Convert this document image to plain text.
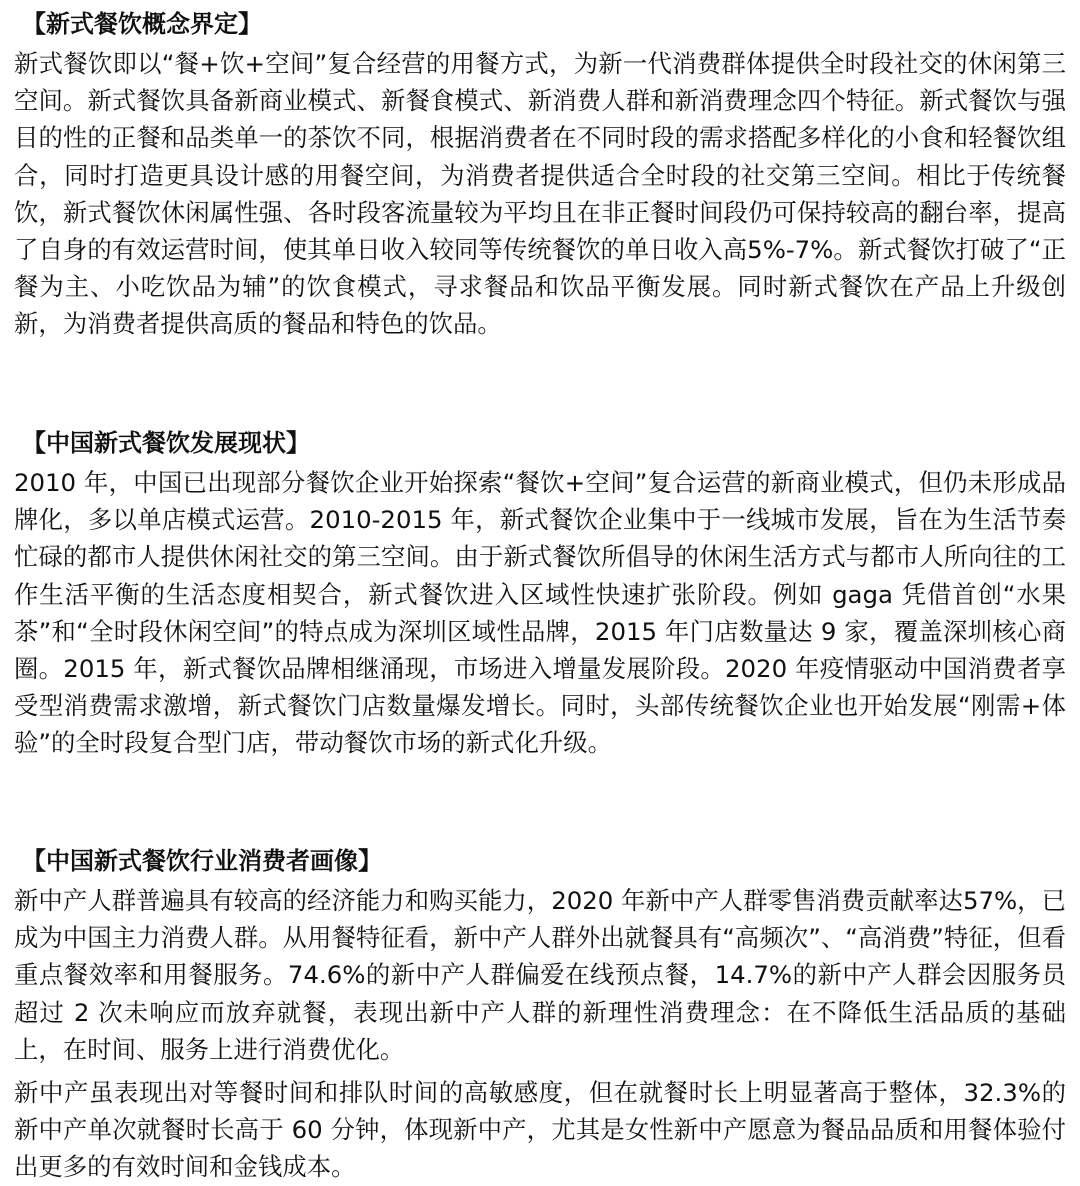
【新式餐饮概念界定】

新式餐饮即以“餐+饮+空间”复合经营的用餐方式，为新一代消费群体提供全时段社交的休闲第三空间。新式餐饮具备新商业模式、新餐食模式、新消费人群和新消费理念四个特征。新式餐饮与强目的性的正餐和品类单一的茶饮不同，根据消费者在不同时段的需求搭配多样化的小食和轻餐饮组合，同时打造更具设计感的用餐空间，为消费者提供适合全时段的社交第三空间。相比于传统餐饮，新式餐饮休闲属性强、各时段客流量较为平均且在非正餐时间段仍可保持较高的翻台率，提高了自身的有效运营时间，使其单日收入较同等传统餐饮的单日收入高5%-7%。新式餐饮打破了“正餐为主、小吃饮品为辅”的饮食模式，寻求餐品和饮品平衡发展。同时新式餐饮在产品上升级创新，为消费者提供高质的餐品和特色的饮品。

【中国新式餐饮发展现状】

2010 年，中国已出现部分餐饮企业开始探索“餐饮+空间”复合运营的新商业模式，但仍未形成品牌化，多以单店模式运营。2010-2015 年，新式餐饮企业集中于一线城市发展，旨在为生活节奏忙碌的都市人提供休闲社交的第三空间。由于新式餐饮所倡导的休闲生活方式与都市人所向往的工作生活平衡的生活态度相契合，新式餐饮进入区域性快速扩张阶段。例如 gaga 凭借首创“水果茶”和“全时段休闲空间”的特点成为深圳区域性品牌，2015 年门店数量达 9 家，覆盖深圳核心商圈。2015 年，新式餐饮品牌相继涌现，市场进入增量发展阶段。2020 年疫情驱动中国消费者享受型消费需求激增，新式餐饮门店数量爆发增长。同时，头部传统餐饮企业也开始发展“刚需+体验”的全时段复合型门店，带动餐饮市场的新式化升级。

【中国新式餐饮行业消费者画像】

新中产人群普遍具有较高的经济能力和购买能力，2020 年新中产人群零售消费贡献率达57%，已成为中国主力消费人群。从用餐特征看，新中产人群外出就餐具有“高频次”、“高消费”特征，但看重点餐效率和用餐服务。74.6%的新中产人群偏爱在线预点餐，14.7%的新中产人群会因服务员超过 2 次未响应而放弃就餐，表现出新中产人群的新理性消费理念：在不降低生活品质的基础上，在时间、服务上进行消费优化。

新中产虽表现出对等餐时间和排队时间的高敏感度，但在就餐时长上明显著高于整体，32.3%的新中产单次就餐时长高于 60 分钟，体现新中产，尤其是女性新中产愿意为餐品品质和用餐体验付出更多的有效时间和金钱成本。
